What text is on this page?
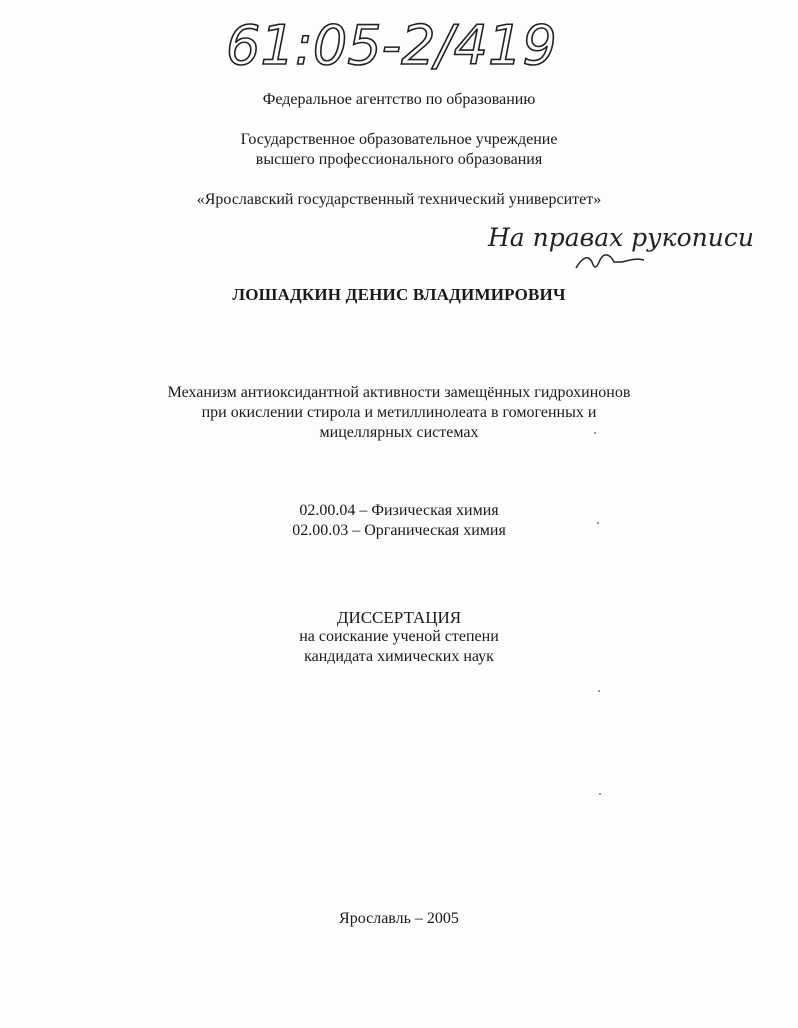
61:05-2/419
Федеральное агентство по образованию
Государственное образовательное учреждение
высшего профессионального образования
«Ярославский государственный технический университет»
На правах рукописи
ЛОШАДКИН ДЕНИС ВЛАДИМИРОВИЧ
Механизм антиоксидантной активности замещённых гидрохинонов
при окислении стирола и метиллинолеата в гомогенных и
мицеллярных системах
02.00.04 – Физическая химия
02.00.03 – Органическая химия
ДИССЕРТАЦИЯ
на соискание ученой степени
кандидата химических наук
Ярославль – 2005
